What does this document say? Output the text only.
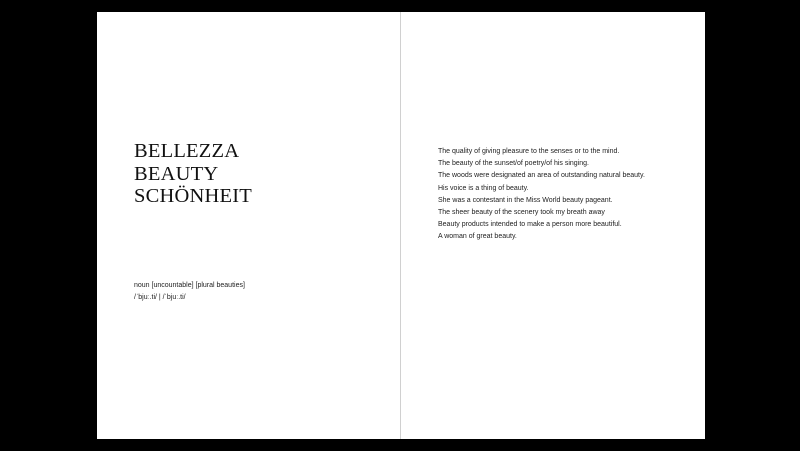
BELLEZZA
BEAUTY
SCHÖNHEIT
noun [uncountable] [plural beauties]
/ˈbjuː.ti/ | /ˈbjuː.ti/
The quality of giving pleasure to the senses or to the mind.
The beauty of the sunset/of poetry/of his singing.
The woods were designated an area of outstanding natural beauty.
His voice is a thing of beauty.
She was a contestant in the Miss World beauty pageant.
The sheer beauty of the scenery took my breath away
Beauty products intended to make a person more beautiful.
A woman of great beauty.
